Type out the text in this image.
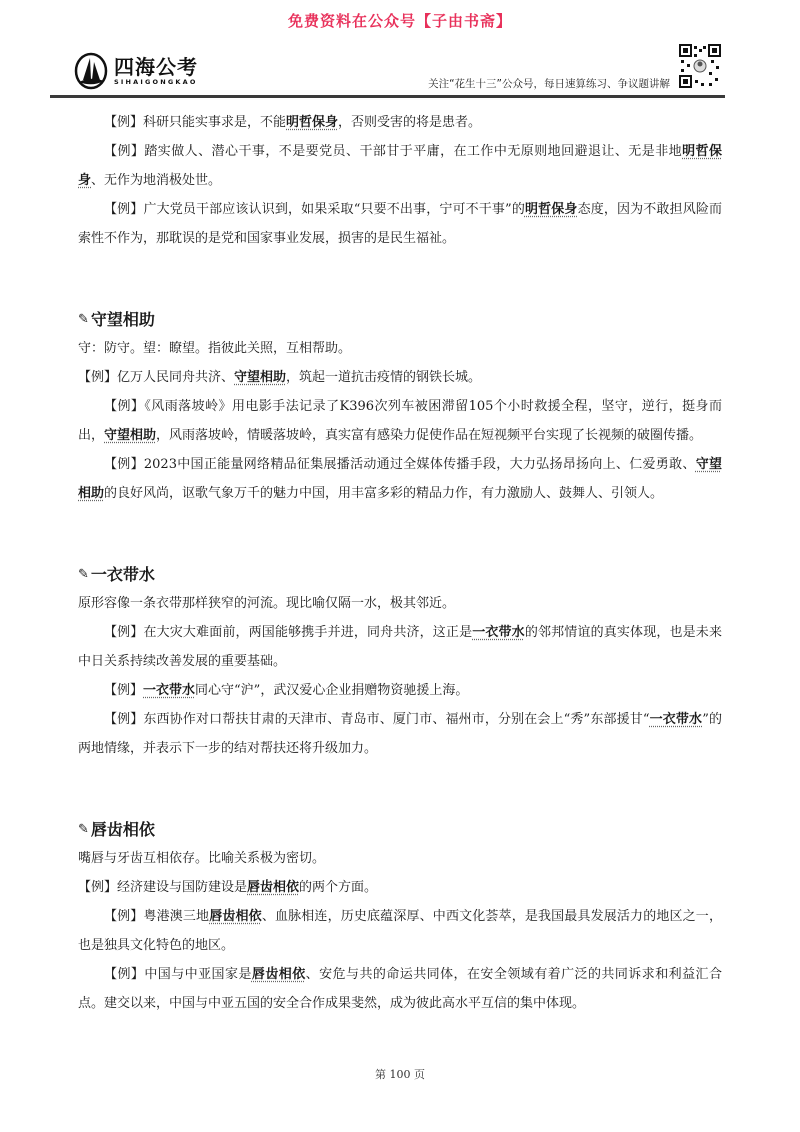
免费资料在公众号【子由书斋】
四海公考
SIHAIGONGKAO	关注“花生十三”公众号，每日速算练习、争议题讲解

【例】科研只能实事求是，不能明哲保身，否则受害的将是患者。

【例】踏实做人、潜心干事，不是要党员、干部甘于平庸，在工作中无原则地回避退让、无是非地明哲保身、无作为地消极处世。

【例】广大党员干部应该认识到，如果采取“只要不出事，宁可不干事”的明哲保身态度，因为不敢担风险而索性不作为，那耽误的是党和国家事业发展，损害的是民生福祉。

✎ 守望相助

守：防守。望：瞭望。指彼此关照，互相帮助。

【例】亿万人民同舟共济、守望相助，筑起一道抗击疫情的钢铁长城。

【例】《风雨落坡岭》用电影手法记录了K396次列车被困滞留105个小时救援全程，坚守，逆行，挺身而出，守望相助，风雨落坡岭，情暖落坡岭，真实富有感染力促使作品在短视频平台实现了长视频的破圈传播。

【例】2023中国正能量网络精品征集展播活动通过全媒体传播手段，大力弘扬昂扬向上、仁爱勇敢、守望相助的良好风尚，讴歌气象万千的魅力中国，用丰富多彩的精品力作，有力激励人、鼓舞人、引领人。

✎ 一衣带水

原形容像一条衣带那样狭窄的河流。现比喻仅隔一水，极其邻近。

【例】在大灾大难面前，两国能够携手并进，同舟共济，这正是一衣带水的邻邦情谊的真实体现，也是未来中日关系持续改善发展的重要基础。

【例】一衣带水同心守“沪”，武汉爱心企业捐赠物资驰援上海。

【例】东西协作对口帮扶甘肃的天津市、青岛市、厦门市、福州市，分别在会上“秀”东部援甘“一衣带水”的两地情缘，并表示下一步的结对帮扶还将升级加力。

✎ 唇齿相依

嘴唇与牙齿互相依存。比喻关系极为密切。

【例】经济建设与国防建设是唇齿相依的两个方面。

【例】粤港澳三地唇齿相依、血脉相连，历史底蕴深厚、中西文化荟萃，是我国最具发展活力的地区之一，也是独具文化特色的地区。

【例】中国与中亚国家是唇齿相依、安危与共的命运共同体，在安全领域有着广泛的共同诉求和利益汇合点。建交以来，中国与中亚五国的安全合作成果斐然，成为彼此高水平互信的集中体现。

第 100 页
